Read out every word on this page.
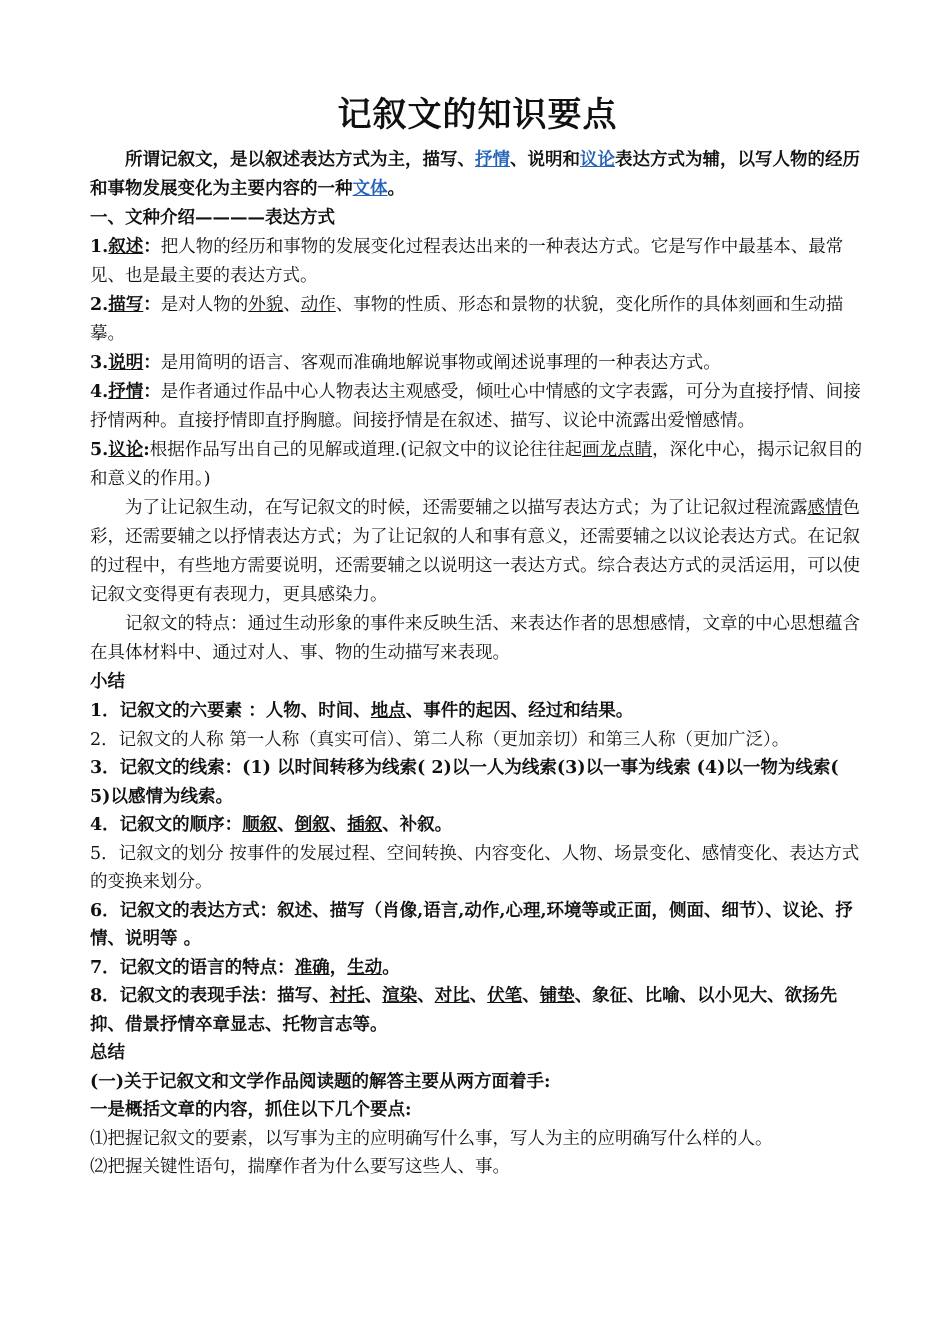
记叙文的知识要点

所谓记叙文，是以叙述表达方式为主，描写、抒情、说明和议论表达方式为辅，以写人物的经历和事物发展变化为主要内容的一种文体。

一、文种介绍————表达方式

1.叙述：把人物的经历和事物的发展变化过程表达出来的一种表达方式。它是写作中最基本、最常见、也是最主要的表达方式。

2.描写：是对人物的外貌、动作、事物的性质、形态和景物的状貌，变化所作的具体刻画和生动描摹。

3.说明：是用简明的语言、客观而准确地解说事物或阐述说事理的一种表达方式。

4.抒情：是作者通过作品中心人物表达主观感受，倾吐心中情感的文字表露，可分为直接抒情、间接抒情两种。直接抒情即直抒胸臆。间接抒情是在叙述、描写、议论中流露出爱憎感情。

5.议论:根据作品写出自己的见解或道理.(记叙文中的议论往往起画龙点睛，深化中心，揭示记叙目的和意义的作用。)

为了让记叙生动，在写记叙文的时候，还需要辅之以描写表达方式；为了让记叙过程流露感情色彩，还需要辅之以抒情表达方式；为了让记叙的人和事有意义，还需要辅之以议论表达方式。在记叙的过程中，有些地方需要说明，还需要辅之以说明这一表达方式。综合表达方式的灵活运用，可以使记叙文变得更有表现力，更具感染力。

记叙文的特点：通过生动形象的事件来反映生活、来表达作者的思想感情，文章的中心思想蕴含在具体材料中、通过对人、事、物的生动描写来表现。

小结

1．记叙文的六要素 ：人物、时间、地点、事件的起因、经过和结果。

2．记叙文的人称 第一人称（真实可信）、第二人称（更加亲切）和第三人称（更加广泛）。

3．记叙文的线索：(1) 以时间转移为线索( 2)以一人为线索(3)以一事为线索 (4)以一物为线索( 5)以感情为线索。

4．记叙文的顺序：顺叙、倒叙、插叙、补叙。

5．记叙文的划分 按事件的发展过程、空间转换、内容变化、人物、场景变化、感情变化、表达方式的变换来划分。

6．记叙文的表达方式：叙述、描写（肖像,语言,动作,心理,环境等或正面，侧面、细节）、议论、抒情、说明等 。

7．记叙文的语言的特点：准确，生动。

8．记叙文的表现手法：描写、衬托、渲染、对比、伏笔、铺垫、象征、比喻、以小见大、欲扬先抑、借景抒情卒章显志、托物言志等。

总结

(一)关于记叙文和文学作品阅读题的解答主要从两方面着手:

一是概括文章的内容，抓住以下几个要点:

⑴把握记叙文的要素，以写事为主的应明确写什么事，写人为主的应明确写什么样的人。

⑵把握关键性语句，揣摩作者为什么要写这些人、事。
